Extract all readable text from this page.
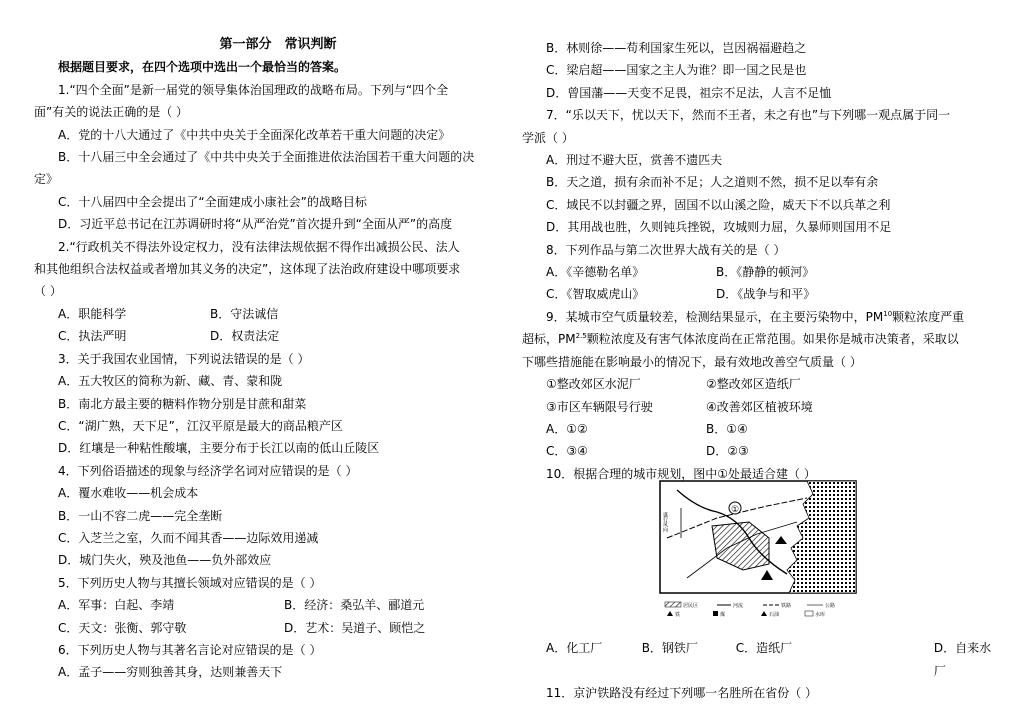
第一部分　常识判断
根据题目要求，在四个选项中选出一个最恰当的答案。
1.“四个全面”是新一届党的领导集体治国理政的战略布局。下列与“四个全
面”有关的说法正确的是（ ）
A．党的十八大通过了《中共中央关于全面深化改革若干重大问题的决定》
B．十八届三中全会通过了《中共中央关于全面推进依法治国若干重大问题的决
定》
C．十八届四中全会提出了“全面建成小康社会”的战略目标
D．习近平总书记在江苏调研时将“从严治党”首次提升到“全面从严”的高度
2.“行政机关不得法外设定权力，没有法律法规依据不得作出减损公民、法人
和其他组织合法权益或者增加其义务的决定”，这体现了法治政府建设中哪项要求
（ ）
A．职能科学	B．守法诚信
C．执法严明	D．权责法定
3．关于我国农业国情，下列说法错误的是（ ）
A．五大牧区的简称为新、藏、青、蒙和陇
B．南北方最主要的糖料作物分别是甘蔗和甜菜
C．“湖广熟，天下足”，江汉平原是最大的商品粮产区
D．红壤是一种粘性酸壤，主要分布于长江以南的低山丘陵区
4．下列俗语描述的现象与经济学名词对应错误的是（ ）
A．覆水难收——机会成本
B．一山不容二虎——完全垄断
C．入芝兰之室，久而不闻其香——边际效用递减
D．城门失火，殃及池鱼——负外部效应
5．下列历史人物与其擅长领域对应错误的是（ ）
A．军事：白起、李靖	B．经济：桑弘羊、郦道元
C．天文：张衡、郭守敬	D．艺术：吴道子、顾恺之
6．下列历史人物与其著名言论对应错误的是（ ）
A．孟子——穷则独善其身，达则兼善天下
B．林则徐——苟利国家生死以，岂因祸福避趋之
C．梁启超——国家之主人为谁？即一国之民是也
D．曾国藩——天变不足畏，祖宗不足法，人言不足恤
7．“乐以天下，忧以天下，然而不王者，未之有也”与下列哪一观点属于同一
学派（ ）
A．刑过不避大臣，赏善不遗匹夫
B．天之道，损有余而补不足；人之道则不然，损不足以奉有余
C．域民不以封疆之界，固国不以山溪之险，威天下不以兵革之利
D．其用战也胜，久则钝兵挫锐，攻城则力屈，久暴师则国用不足
8．下列作品与第二次世界大战有关的是（ ）
A．《辛德勒名单》	B．《静静的顿河》
C．《智取威虎山》	D．《战争与和平》
9．某城市空气质量较差，检测结果显示，在主要污染物中，PM$^{10}$颗粒浓度严重
超标，$PM^{2.5}$颗粒浓度及有害气体浓度尚在正常范围。如果你是城市决策者，采取以
下哪些措施能在影响最小的情况下，最有效地改善空气质量（ ）
①整改郊区水泥厂	②整改郊区造纸厂
③市区车辆限号行驶	④改善郊区植被环境
A．①②	B．①④
C．③④	D．②③
10．根据合理的城市规划，图中①处最适合建（ ）
A．化工厂	B．钢铁厂	C．造纸厂	D．自来水厂
11．京沪铁路没有经过下列哪一名胜所在省份（ ）
①
盛行风向
居民区	河流	铁路	公路
铁	煤	石油	水库
